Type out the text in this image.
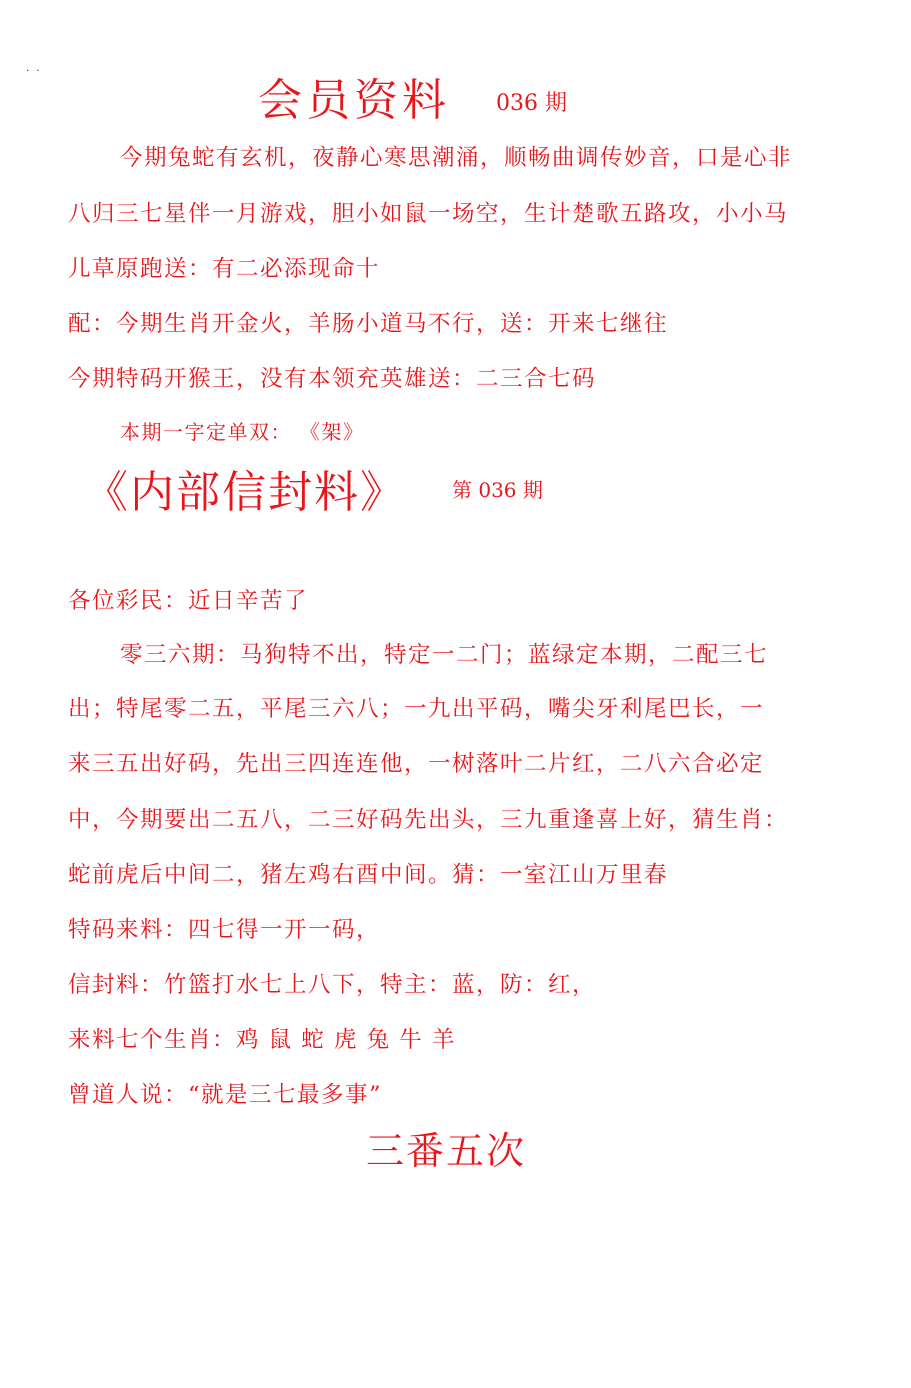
· ·
会员资料 036 期
今期兔蛇有玄机，夜静心寒思潮涌，顺畅曲调传妙音，口是心非
八归三七星伴一月游戏，胆小如鼠一场空，生计楚歌五路攻，小小马
儿草原跑送：有二必添现命十
配：今期生肖开金火，羊肠小道马不行，送：开来七继往
今期特码开猴王，没有本领充英雄送：二三合七码
本期一字定单双： 《架》
《内部信封料》 第 036 期
各位彩民：近日辛苦了
零三六期：马狗特不出，特定一二门；蓝绿定本期，二配三七
出；特尾零二五，平尾三六八；一九出平码，嘴尖牙利尾巴长，一
来三五出好码，先出三四连连他，一树落叶二片红，二八六合必定
中，今期要出二五八，二三好码先出头，三九重逢喜上好，猜生肖：
蛇前虎后中间二，猪左鸡右酉中间。猜：一室江山万里春
特码来料：四七得一开一码，
信封料：竹篮打水七上八下，特主：蓝，防：红，
来料七个生肖：鸡 鼠 蛇 虎 兔 牛 羊
曾道人说：“就是三七最多事”
三番五次
